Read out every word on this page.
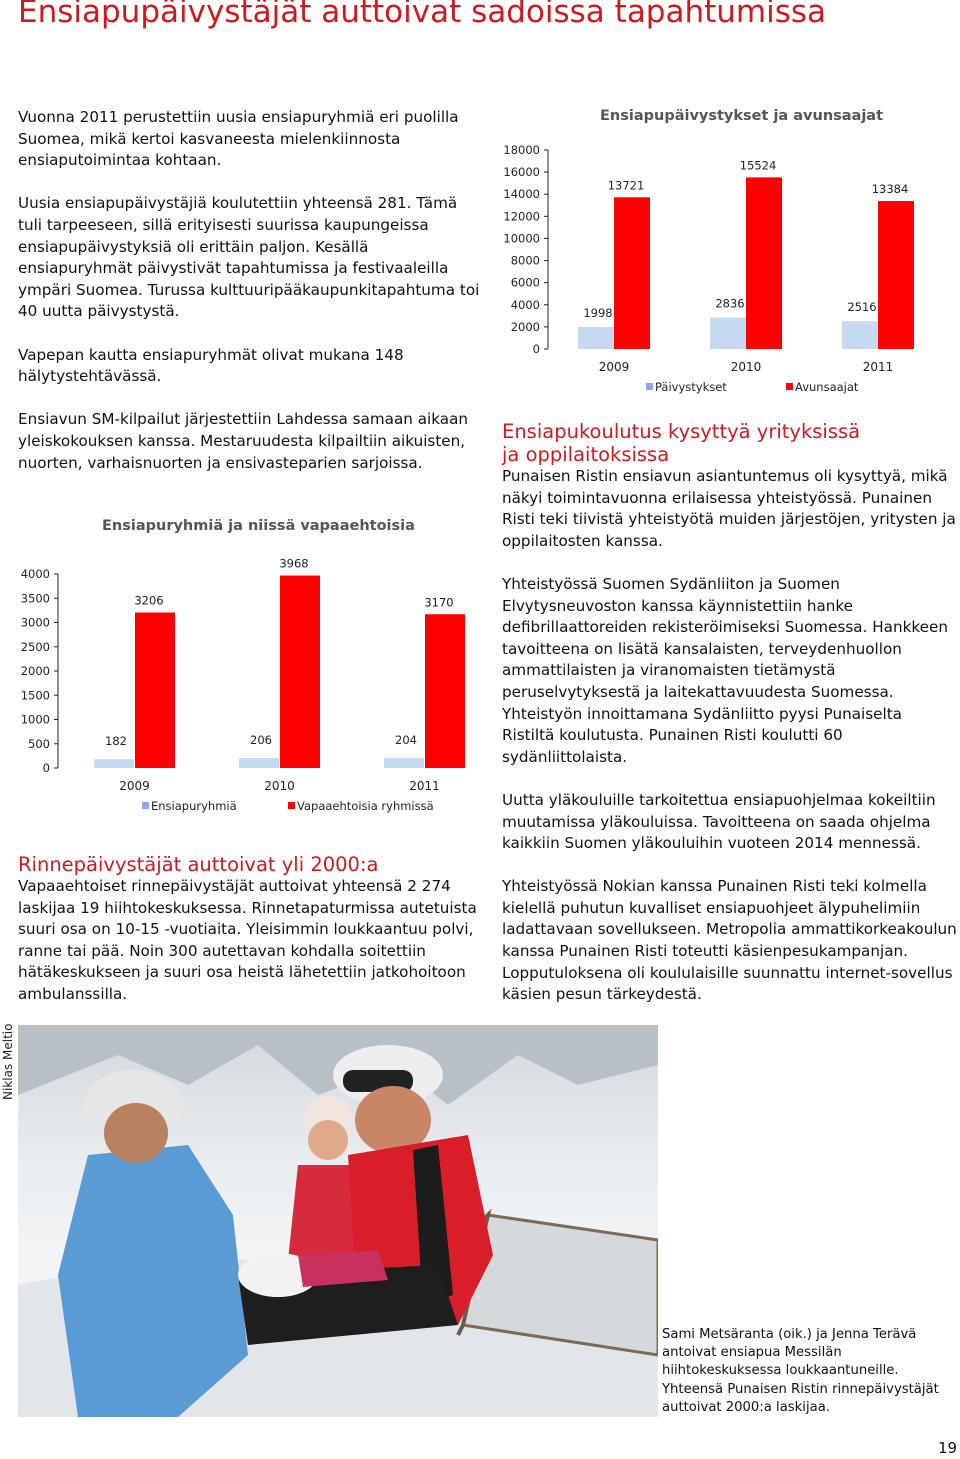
Ensiapupäivystäjät auttoivat sadoissa tapahtumissa

Vuonna 2011 perustettiin uusia ensiapuryhmiä eri puolilla Suomea, mikä kertoi kasvaneesta mielenkiinnosta ensiaputoimintaa kohtaan.

Uusia ensiapupäivystäjiä koulutettiin yhteensä 281. Tämä tuli tarpeeseen, sillä erityisesti suurissa kaupungeissa ensiapupäivystyksiä oli erittäin paljon. Kesällä ensiapuryhmät päivystivät tapahtumissa ja festivaaleilla ympäri Suomea. Turussa kulttuuripääkaupunkitapahtuma toi 40 uutta päivystystä.

Vapepan kautta ensiapuryhmät olivat mukana 148 hälytystehtävässä.

Ensiavun SM-kilpailut järjestettiin Lahdessa samaan aikaan yleiskokouksen kanssa. Mestaruudesta kilpailtiin aikuisten, nuorten, varhaisnuorten ja ensivasteparien sarjoissa.

Ensiapupäivystykset ja avunsaajat
0
2000
4000
6000
8000
10000
12000
14000
16000
18000
1998
13721
2009
2836
15524
2010
2516
13384
2011
Päivystykset	Avunsaajat
Ensiapuryhmiä ja niissä vapaaehtoisia
0
500
1000
1500
2000
2500
3000
3500
4000
182
3206
2009
206
3968
2010
204
3170
2011
Ensiapuryhmiä	Vapaaehtoisia ryhmissä
Rinnepäivystäjät auttoivat yli 2000:a

Vapaaehtoiset rinnepäivystäjät auttoivat yhteensä 2 274 laskijaa 19 hiihtokeskuksessa. Rinnetapaturmissa autetuista suuri osa on 10-15 -vuotiaita. Yleisimmin loukkaantuu polvi, ranne tai pää. Noin 300 autettavan kohdalla soitettiin hätäkeskukseen ja suuri osa heistä lähetettiin jatkohoitoon ambulanssilla.

Ensiapukoulutus kysyttyä yrityksissä
ja oppilaitoksissa

Punaisen Ristin ensiavun asiantuntemus oli kysyttyä, mikä näkyi toimintavuonna erilaisessa yhteistyössä. Punainen Risti teki tiivistä yhteistyötä muiden järjestöjen, yritysten ja oppilaitosten kanssa.

Yhteistyössä Suomen Sydänliiton ja Suomen Elvytysneuvoston kanssa käynnistettiin hanke defibrillaattoreiden rekisteröimiseksi Suomessa. Hankkeen tavoitteena on lisätä kansalaisten, terveydenhuollon ammattilaisten ja viranomaisten tietämystä peruselvytyksestä ja laitekattavuudesta Suomessa. Yhteistyön innoittamana Sydänliitto pyysi Punaiselta Ristiltä koulutusta. Punainen Risti koulutti 60 sydänliittolaista.

Uutta yläkouluille tarkoitettua ensiapuohjelmaa kokeiltiin muutamissa yläkouluissa. Tavoitteena on saada ohjelma kaikkiin Suomen yläkouluihin vuoteen 2014 mennessä.

Yhteistyössä Nokian kanssa Punainen Risti teki kolmella kielellä puhutun kuvalliset ensiapuohjeet älypuhelimiin ladattavaan sovellukseen. Metropolia ammattikorkeakoulun kanssa Punainen Risti toteutti käsienpesukampanjan. Lopputuloksena oli koululaisille suunnattu internet-sovellus käsien pesun tärkeydestä.

Niklas Meltio
Sami Metsäranta (oik.) ja Jenna Terävä antoivat ensiapua Messilän hiihtokeskuksessa loukkaantuneille. Yhteensä Punaisen Ristin rinnepäivystäjät auttoivat 2000:a laskijaa.
19
